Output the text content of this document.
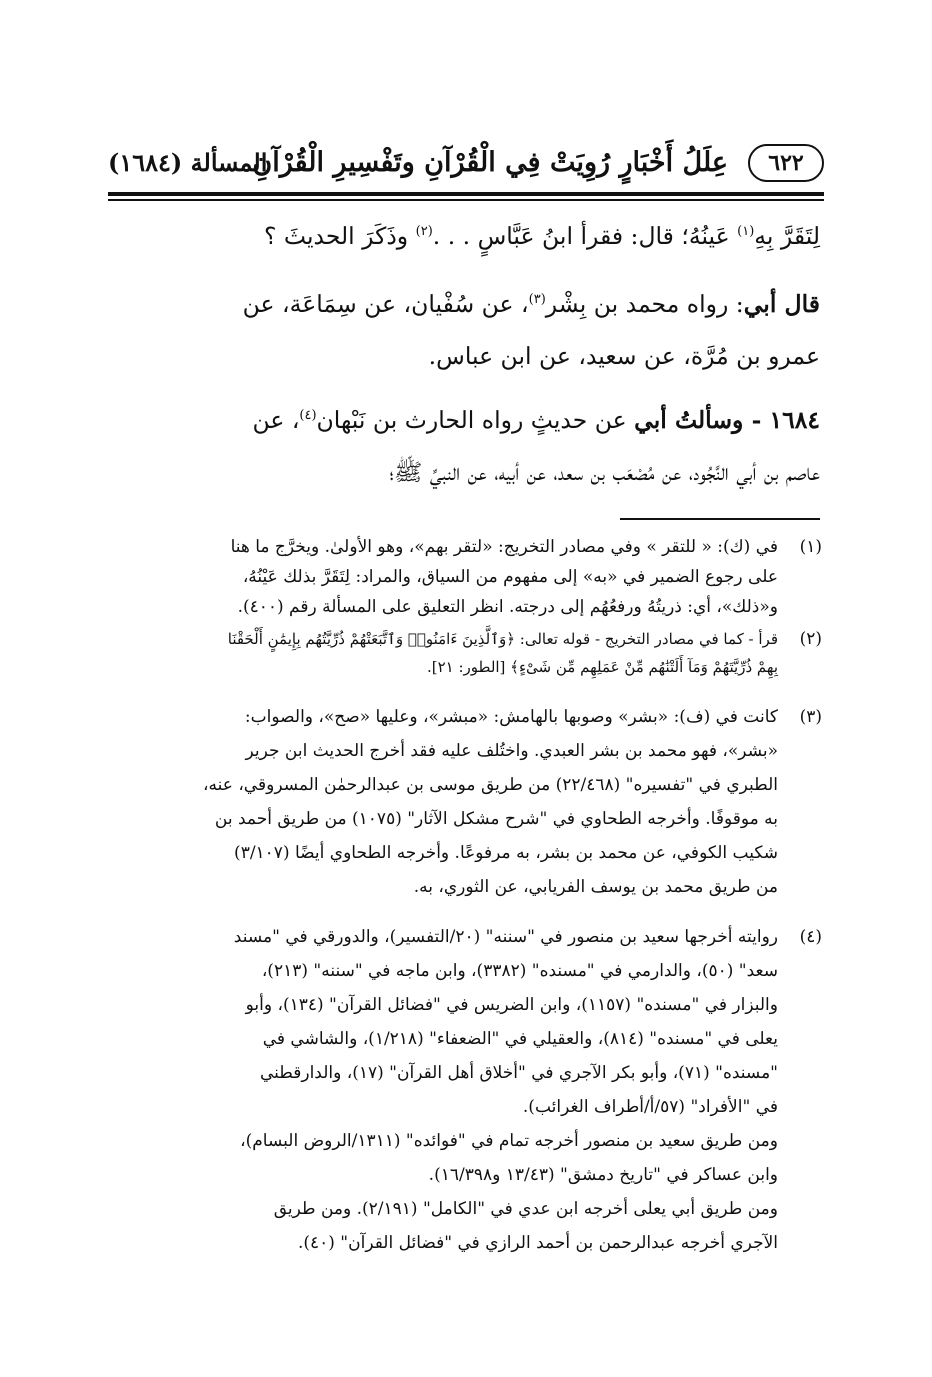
٦٢٢
عِلَلُ أَخْبَارٍ رُوِيَتْ فِي الْقُرْآنِ وتَفْسِيرِ الْقُرْآنِ
المسألة (١٦٨٤)
لِتَقَرَّ بِهِ$^{(١)}$ عَينُهُ؛ قال: فقرأ ابنُ عَبَّاسٍ . . .$^{(٢)}$ وذَكَرَ الحديثَ ؟
قال أبي: رواه محمد بن بِشْر$^{(٣)}$، عن سُفْيان، عن سِمَاعَة، عن
عمرو بن مُرَّة، عن سعيد، عن ابن عباس.
١٦٨٤ - وسألتُ أبي عن حديثٍ رواه الحارث بن نَبْهان$^{(٤)}$، عن
عاصم بن أبي النَّجُود، عن مُصْعَب بن سعد، عن أبيه، عن النبيِّ ﷺ؛
(١)في (ك): « للتقر » وفي مصادر التخريج: «لتقر بهم»، وهو الأولىٰ. ويخرَّج ما هنا
على رجوع الضمير في «به» إلى مفهوم من السياق، والمراد: لِتَقَرَّ بذلك عَيْنُهُ،
و«ذلك»، أي: ذريتُهُ ورفعُهُم إلى درجته. انظر التعليق على المسألة رقم (٤٠٠).
(٢)قرأ - كما في مصادر التخريج - قوله تعالى: ﴿وَٱلَّذِينَ ءَامَنُوا۟ وَٱتَّبَعَتْهُمْ ذُرِّيَّتُهُم بِإِيمَٰنٍ أَلْحَقْنَا
بِهِمْ ذُرِّيَّتَهُمْ وَمَآ أَلَتْنَٰهُم مِّنْ عَمَلِهِم مِّن شَىْءٍ﴾ [الطور: ٢١].
(٣)كانت في (ف): «بشر» وصوبها بالهامش: «مبشر»، وعليها «صح»، والصواب:
«بشر»، فهو محمد بن بشر العبدي. واختُلف عليه فقد أخرج الحديث ابن جرير
الطبري في "تفسيره" (٢٢/٤٦٨) من طريق موسى بن عبدالرحمٰن المسروقي، عنه،
به موقوفًا. وأخرجه الطحاوي في "شرح مشكل الآثار" (١٠٧٥) من طريق أحمد بن
شكيب الكوفي، عن محمد بن بشر، به مرفوعًا. وأخرجه الطحاوي أيضًا (٣/١٠٧)
من طريق محمد بن يوسف الفريابي، عن الثوري، به.
(٤)روايته أخرجها سعيد بن منصور في "سننه" (٢٠/التفسير)، والدورقي في "مسند
سعد" (٥٠)، والدارمي في "مسنده" (٣٣٨٢)، وابن ماجه في "سننه" (٢١٣)،
والبزار في "مسنده" (١١٥٧)، وابن الضريس في "فضائل القرآن" (١٣٤)، وأبو
يعلى في "مسنده" (٨١٤)، والعقيلي في "الضعفاء" (١/٢١٨)، والشاشي في
"مسنده" (٧١)، وأبو بكر الآجري في "أخلاق أهل القرآن" (١٧)، والدارقطني
في "الأفراد" (٥٧/أ/أطراف الغرائب).
ومن طريق سعيد بن منصور أخرجه تمام في "فوائده" (١٣١١/الروض البسام)،
وابن عساكر في "تاريخ دمشق" (١٣/٤٣ و١٦/٣٩٨).
ومن طريق أبي يعلى أخرجه ابن عدي في "الكامل" (٢/١٩١). ومن طريق
الآجري أخرجه عبدالرحمن بن أحمد الرازي في "فضائل القرآن" (٤٠).
